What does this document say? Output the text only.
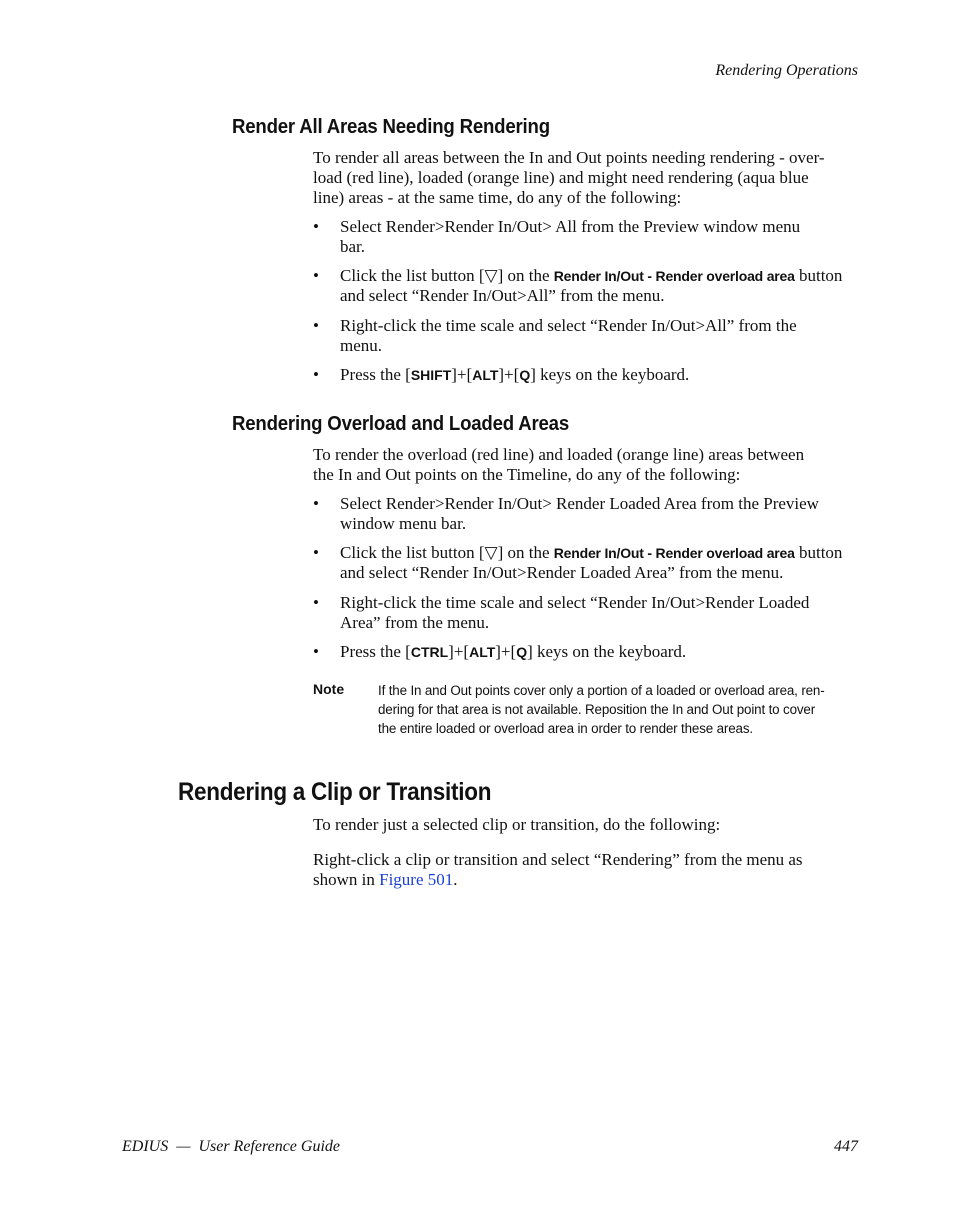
Rendering Operations
Render All Areas Needing Rendering
To render all areas between the In and Out points needing rendering - over-
load (red line), loaded (orange line) and might need rendering (aqua blue
line) areas - at the same time, do any of the following:
• Select Render>Render In/Out> All from the Preview window menu
bar.
• Click the list button [▽] on the Render In/Out - Render overload area button
and select “Render In/Out>All” from the menu.
• Right-click the time scale and select “Render In/Out>All” from the
menu.
• Press the [SHIFT]+[ALT]+[Q] keys on the keyboard.
Rendering Overload and Loaded Areas
To render the overload (red line) and loaded (orange line) areas between
the In and Out points on the Timeline, do any of the following:
• Select Render>Render In/Out> Render Loaded Area from the Preview
window menu bar.
• Click the list button [▽] on the Render In/Out - Render overload area button
and select “Render In/Out>Render Loaded Area” from the menu.
• Right-click the time scale and select “Render In/Out>Render Loaded
Area” from the menu.
• Press the [CTRL]+[ALT]+[Q] keys on the keyboard.
Note	If the In and Out points cover only a portion of a loaded or overload area, ren-
dering for that area is not available. Reposition the In and Out point to cover
the entire loaded or overload area in order to render these areas.
Rendering a Clip or Transition
To render just a selected clip or transition, do the following:
Right-click a clip or transition and select “Rendering” from the menu as
shown in Figure 501.
EDIUS  —  User Reference Guide	447
